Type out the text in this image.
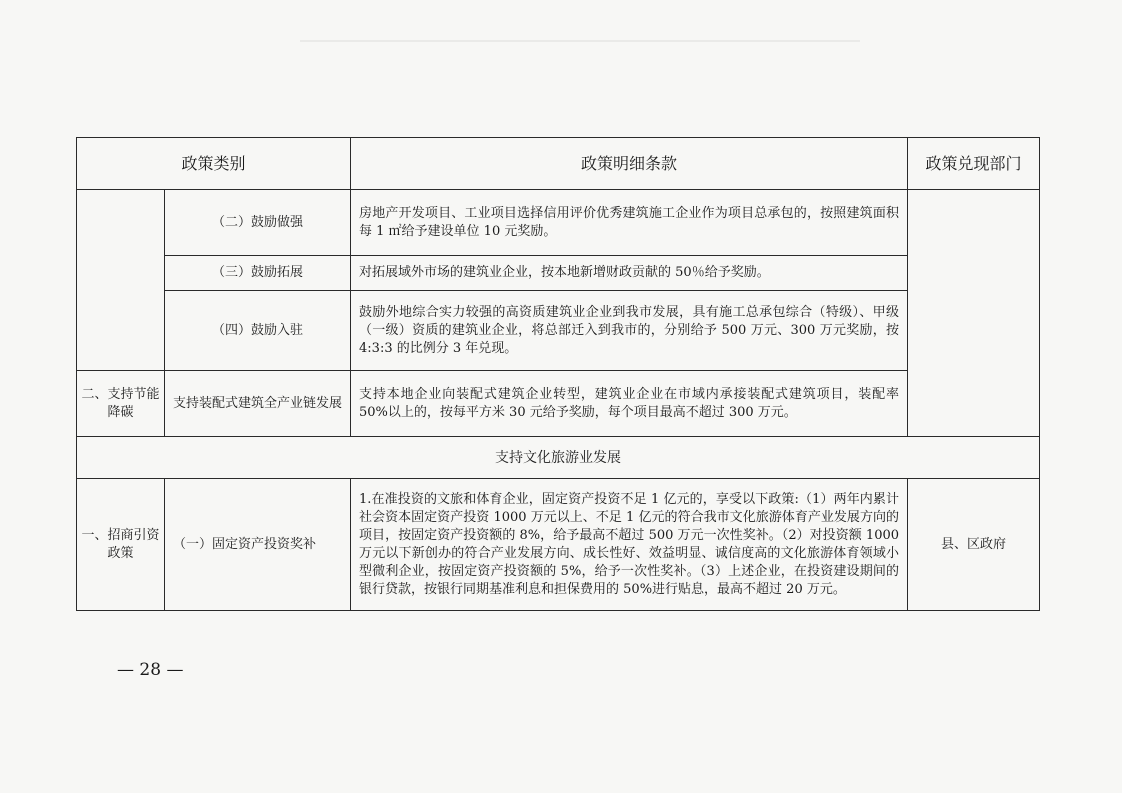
政策类别		政策明细条款	政策兑现部门
	（二）鼓励做强	房地产开发项目、工业项目选择信用评价优秀建筑施工企业作为项目总承包的，按照建筑面积每 1 ㎡给予建设单位 10 元奖励。	
	（三）鼓励拓展	对拓展域外市场的建筑业企业，按本地新增财政贡献的 50％给予奖励。	
	（四）鼓励入驻	鼓励外地综合实力较强的高资质建筑业企业到我市发展，具有施工总承包综合（特级）、甲级（一级）资质的建筑业企业，将总部迁入到我市的，分别给予 500 万元、300 万元奖励，按 4:3:3 的比例分 3 年兑现。	
二、支持节能降碳	支持装配式建筑全产业链发展	支持本地企业向装配式建筑企业转型，建筑业企业在市域内承接装配式建筑项目，装配率 50%以上的，按每平方米 30 元给予奖励，每个项目最高不超过 300 万元。	
支持文化旅游业发展			
一、招商引资政策	（一）固定资产投资奖补	1.在准投资的文旅和体育企业，固定资产投资不足 1 亿元的，享受以下政策:（1）两年内累计社会资本固定资产投资 1000 万元以上、不足 1 亿元的符合我市文化旅游体育产业发展方向的项目，按固定资产投资额的 8%，给予最高不超过 500 万元一次性奖补。（2）对投资额 1000 万元以下新创办的符合产业发展方向、成长性好、效益明显、诚信度高的文化旅游体育领域小型微利企业，按固定资产投资额的 5%，给予一次性奖补。（3）上述企业，在投资建设期间的银行贷款，按银行同期基准利息和担保费用的 50%进行贴息，最高不超过 20 万元。	县、区政府
— 28 —
